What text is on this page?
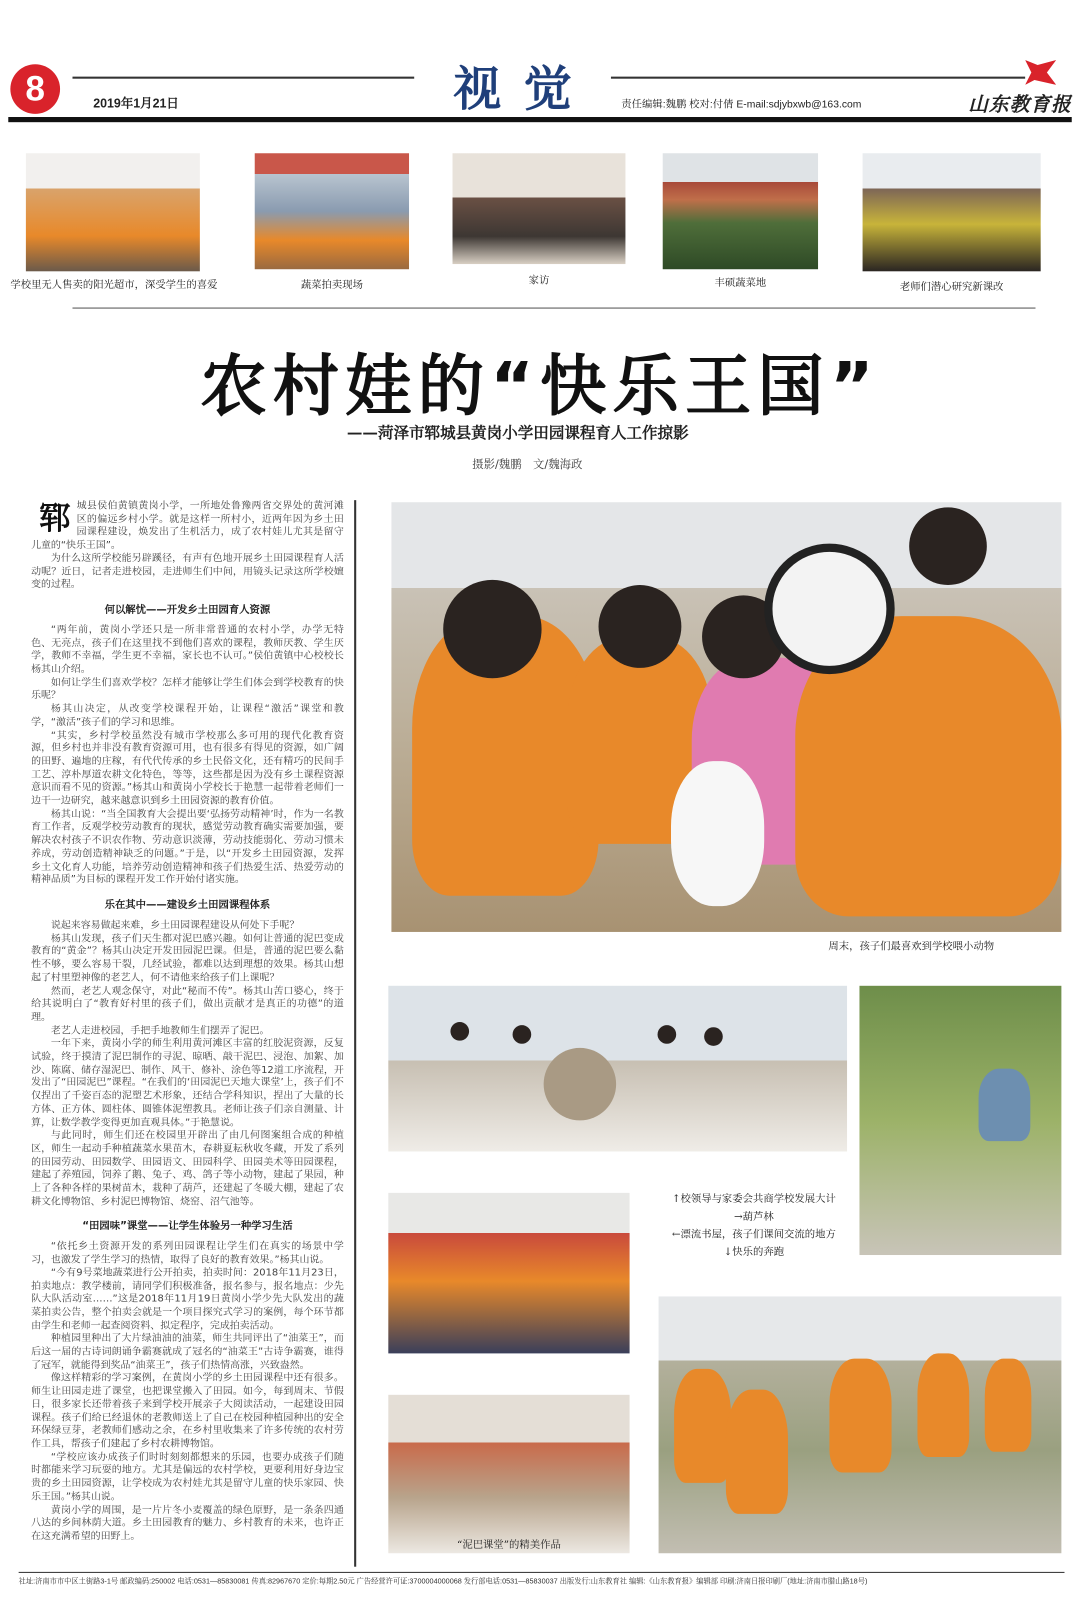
8	视觉
2019年1月21日	责任编辑:魏鹏 校对:付倩 E-mail:sdjybxwb@163.com	山东教育报
学校里无人售卖的阳光超市，深受学生的喜爱	蔬菜拍卖现场	家访	丰硕蔬菜地	老师们潜心研究新课改
农村娃的“快乐王国”
——菏泽市郓城县黄岗小学田园课程育人工作掠影
摄影/魏鹏　文/魏海政

郓城县侯伯黄镇黄岗小学，一所地处鲁豫两省交界处的黄河滩区的偏远乡村小学。就是这样一所村小，近两年因为乡土田园课程建设，焕发出了生机活力，成了农村娃儿尤其是留守儿童的“快乐王国”。

为什么这所学校能另辟蹊径，有声有色地开展乡土田园课程育人活动呢？近日，记者走进校园，走进师生们中间，用镜头记录这所学校嬗变的过程。

何以解忧——开发乡土田园育人资源

“两年前，黄岗小学还只是一所非常普通的农村小学，办学无特色、无亮点，孩子们在这里找不到他们喜欢的课程，教师厌教、学生厌学，教师不幸福，学生更不幸福，家长也不认可。”侯伯黄镇中心校校长杨其山介绍。

如何让学生们喜欢学校？怎样才能够让学生们体会到学校教育的快乐呢？

杨其山决定，从改变学校课程开始，让课程“激活”课堂和教学，“激活”孩子们的学习和思维。

“其实，乡村学校虽然没有城市学校那么多可用的现代化教育资源，但乡村也并非没有教育资源可用，也有很多有得见的资源，如广阔的田野、遍地的庄稼，有代代传承的乡土民俗文化，还有精巧的民间手工艺、淳朴厚道农耕文化特色，等等，这些都是因为没有乡土课程资源意识而看不见的资源。”杨其山和黄岗小学校长于艳慧一起带着老师们一边干一边研究，越来越意识到乡土田园资源的教育价值。

杨其山说：“当全国教育大会提出要‘弘扬劳动精神’时，作为一名教育工作者，反观学校劳动教育的现状，感觉劳动教育确实需要加强，要解决农村孩子不识农作物、劳动意识淡薄，劳动技能弱化、劳动习惯未养成，劳动创造精神缺乏的问题。”于是，以“开发乡土田园资源，发挥乡土文化育人功能，培养劳动创造精神和孩子们热爱生活、热爱劳动的精神品质”为目标的课程开发工作开始付诸实施。

乐在其中——建设乡土田园课程体系

说起来容易做起来难，乡土田园课程建设从何处下手呢？

杨其山发现，孩子们天生都对泥巴感兴趣。如何让普通的泥巴变成教育的“黄金”？杨其山决定开发田园泥巴课。但是，普通的泥巴要么黏性不够，要么容易干裂，几经试验，都难以达到理想的效果。杨其山想起了村里塑神像的老艺人，何不请他来给孩子们上课呢？

然而，老艺人观念保守，对此“秘而不传”。杨其山苦口婆心，终于给其说明白了“教育好村里的孩子们，做出贡献才是真正的功德”的道理。

老艺人走进校园，手把手地教师生们摆弄了泥巴。

一年下来，黄岗小学的师生利用黄河滩区丰富的红胶泥资源，反复试验，终于摸清了泥巴制作的寻泥、晾晒、敲干泥巴、浸泡、加絮、加沙、陈腐、储存湿泥巴、制作、风干、修补、涂色等12道工序流程，开发出了“田园泥巴”课程。“在我们的‘田园泥巴天地大课堂’上，孩子们不仅捏出了千姿百态的泥塑艺术形象，还结合学科知识，捏出了大量的长方体、正方体、圆柱体、圆锥体泥塑教具。老师让孩子们亲自测量、计算，让数学教学变得更加直观具体。”于艳慧说。

与此同时，师生们还在校园里开辟出了由几何图案组合成的种植区，师生一起动手种植蔬菜水果苗木，春耕夏耘秋收冬藏，开发了系列的田园劳动、田园数学、田园语文、田园科学、田园美术等田园课程，建起了养殖园，饲养了鹅、兔子、鸡、鸽子等小动物，建起了果园，种上了各种各样的果树苗木，栽种了葫芦，还建起了冬暖大棚，建起了农耕文化博物馆、乡村泥巴博物馆、烧窑、沼气池等。

“田园味”课堂——让学生体验另一种学习生活

“依托乡土资源开发的系列田园课程让学生们在真实的场景中学习，也激发了学生学习的热情，取得了良好的教育效果。”杨其山说。

“今有9号菜地蔬菜进行公开拍卖，拍卖时间：2018年11月23日，拍卖地点：教学楼前，请同学们积极准备，报名参与，报名地点：少先队大队活动室……”这是2018年11月19日黄岗小学少先大队发出的蔬菜拍卖公告，整个拍卖会就是一个项目探究式学习的案例，每个环节都由学生和老师一起查阅资料、拟定程序，完成拍卖活动。

种植园里种出了大片绿油油的油菜，师生共同评出了“油菜王”，而后这一届的古诗词朗诵争霸赛就成了冠名的“油菜王”古诗争霸赛，谁得了冠军，就能得到奖品“油菜王”，孩子们热情高涨，兴致盎然。

像这样精彩的学习案例，在黄岗小学的乡土田园课程中还有很多。师生让田园走进了课堂，也把课堂搬入了田园。如今，每到周末、节假日，很多家长还带着孩子来到学校开展亲子大阅读活动，一起建设田园课程。孩子们给已经退休的老教师送上了自己在校园种植园种出的安全环保绿豆芽，老教师们感动之余，在乡村里收集来了许多传统的农村劳作工具，帮孩子们建起了乡村农耕博物馆。

“学校应该办成孩子们时时刻刻都想来的乐园，也要办成孩子们随时都能来学习玩耍的地方。尤其是偏远的农村学校，更要利用好身边宝贵的乡土田园资源，让学校成为农村娃尤其是留守儿童的快乐家园、快乐王国。”杨其山说。

黄岗小学的周围，是一片片冬小麦覆盖的绿色原野，是一条条四通八达的乡间林荫大道。乡土田园教育的魅力、乡村教育的未来，也许正在这充满希望的田野上。

周末，孩子们最喜欢到学校喂小动物
↑校领导与家委会共商学校发展大计
→葫芦林
←漂流书屋，孩子们课间交流的地方
↓快乐的奔跑
“泥巴课堂”的精美作品
社址:济南市市中区土街路3-1号 邮政编码:250002 电话:0531—85830081 传真:82967670 定价:每期2.50元 广告经营许可证:3700004000068 发行部电话:0531—85830037 出版发行:山东教育社 编辑:《山东教育报》编辑部 印刷:济南日报印刷厂(地址:济南市腊山路18号)
